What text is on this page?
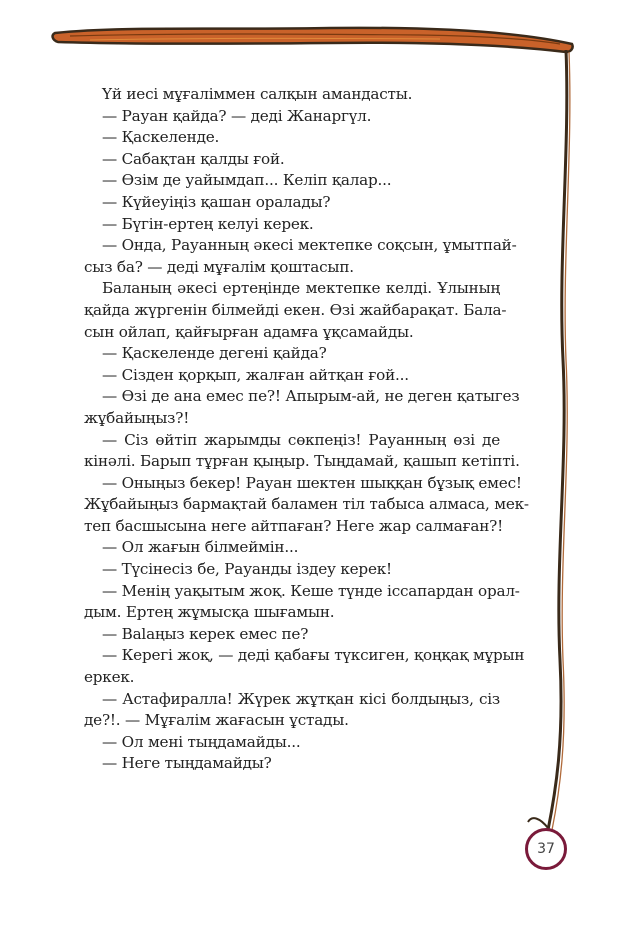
Үй иесі мұғаліммен салқын амандасты.
— Рауан қайда? — деді Жанаргүл.
— Қаскеленде.
— Сабақтан қалды ғой.
— Өзім де уайымдап... Келіп қалар...
— Күйеуіңіз қашан оралады?
— Бүгін-ертең келуі керек.
— Онда, Рауанның әкесі мектепке соқсын, ұмытпай-
сыз ба? — деді мұғалім қоштасып.
Баланың әкесі ертеңінде мектепке келді. Ұлының
қайда жүргенін білмейді екен. Өзі жайбарақат. Бала-
сын ойлап, қайғырған адамға ұқсамайды.
— Қаскеленде дегені қайда?
— Сізден қорқып, жалған айтқан ғой...
— Өзі де ана емес пе?! Апырым-ай, не деген қатыгез
жұбайыңыз?!
— Сіз өйтіп жарымды сөкпеңіз! Рауанның өзі де
кінәлі. Барып тұрған қыңыр. Тыңдамай, қашып кетіпті.
— Оныңыз бекер! Рауан шектен шыққан бұзық емес!
Жұбайыңыз бармақтай баламен тіл табыса алмаса, мек-
теп басшысына неге айтпаған? Неге жар салмаған?!
— Ол жағын білмеймін...
— Түсінесіз бе, Рауанды іздеу керек!
— Менің уақытым жоқ. Кеше түнде іссапардан орал-
дым. Ертең жұмысқа шығамын.
— Balаңыз керек емес пе?
— Керегі жоқ, — деді қабағы түксиген, қоңқақ мұрын
еркек.
— Астафиралла! Жүрек жұтқан кісі болдыңыз, сіз
де?!. — Мұғалім жағасын ұстады.
— Ол мені тыңдамайды...
— Неге тыңдамайды?
37
